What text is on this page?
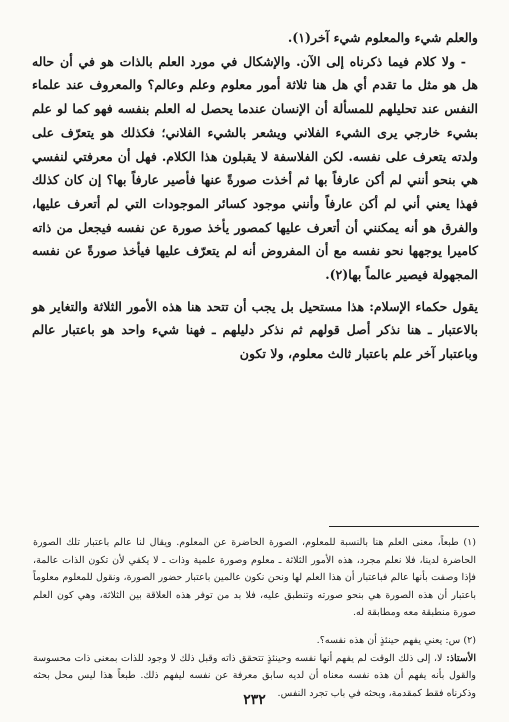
والعلم شيء والمعلوم شيء آخر(١).

- ولا كلام فيما ذكرناه إلى الآن. والإشكال في مورد العلم بالذات هو في أن حاله هل هو مثل ما تقدم أي هل هنا ثلاثة أمور معلوم وعلم وعالم؟ والمعروف عند علماء النفس عند تحليلهم للمسألة أن الإنسان عندما يحصل له العلم بنفسه فهو كما لو علم بشيء خارجي يرى الشيء الفلاني ويشعر بالشيء الفلاني؛ فكذلك هو يتعرّف على ولدته يتعرف على نفسه. لكن الفلاسفة لا يقبلون هذا الكلام. فهل أن معرفتي لنفسي هي بنحو أنني لم أكن عارفاً بها ثم أخذت صورةً عنها فأصير عارفاً بها؟ إن كان كذلك فهذا يعني أني لم أكن عارفاً وأنني موجود كسائر الموجودات التي لم أتعرف عليها، والفرق هو أنه يمكنني أن أتعرف عليها كمصور يأخذ صورة عن نفسه فيجعل من ذاته كاميرا يوجهها نحو نفسه مع أن المفروض أنه لم يتعرّف عليها فيأخذ صورةً عن نفسه المجهولة فيصير عالماً بها(٢).

يقول حكماء الإسلام: هذا مستحيل بل يجب أن تتحد هنا هذه الأمور الثلاثة والتغاير هو بالاعتبار ـ هنا نذكر أصل قولهم ثم نذكر دليلهم ـ فهنا شيء واحد هو باعتبار عالم وباعتبار آخر علم باعتبار ثالث معلوم، ولا تكون

(١) طبعاً، معنى العلم هنا بالنسبة للمعلوم، الصورة الحاضرة عن المعلوم. ويقال لنا عالم باعتبار تلك الصورة الحاضرة لدينا، فلا نعلم مجرد، هذه الأمور الثلاثة ـ معلوم وصورة علمية وذات ـ لا يكفي لأن تكون الذات عالمة، فإذا وصفت بأنها عالم فباعتبار أن هذا العلم لها ونحن نكون عالمين باعتبار حضور الصورة، ونقول للمعلوم معلوماً باعتبار أن هذه الصورة هي بنحو صورته وتنطبق عليه، فلا بد من توفر هذه العلاقة بين الثلاثة، وهي كون العلم صورة منطبقة معه ومطابقة له.

(٢) س: يعني يفهم حينئذٍ أن هذه نفسه؟.

الأستاذ: لا، إلى ذلك الوقت لم يفهم أنها نفسه وحينئذٍ تتحقق ذاته وقبل ذلك لا وجود للذات بمعنى ذات محسوسة والقول بأنه يفهم أن هذه نفسه معناه أن لديه سابق معرفة عن نفسه ليفهم ذلك. طبعاً هذا ليس محل بحثه وذكرناه فقط كمقدمة، وبحثه في باب تجرد النفس.

٢٣٢
